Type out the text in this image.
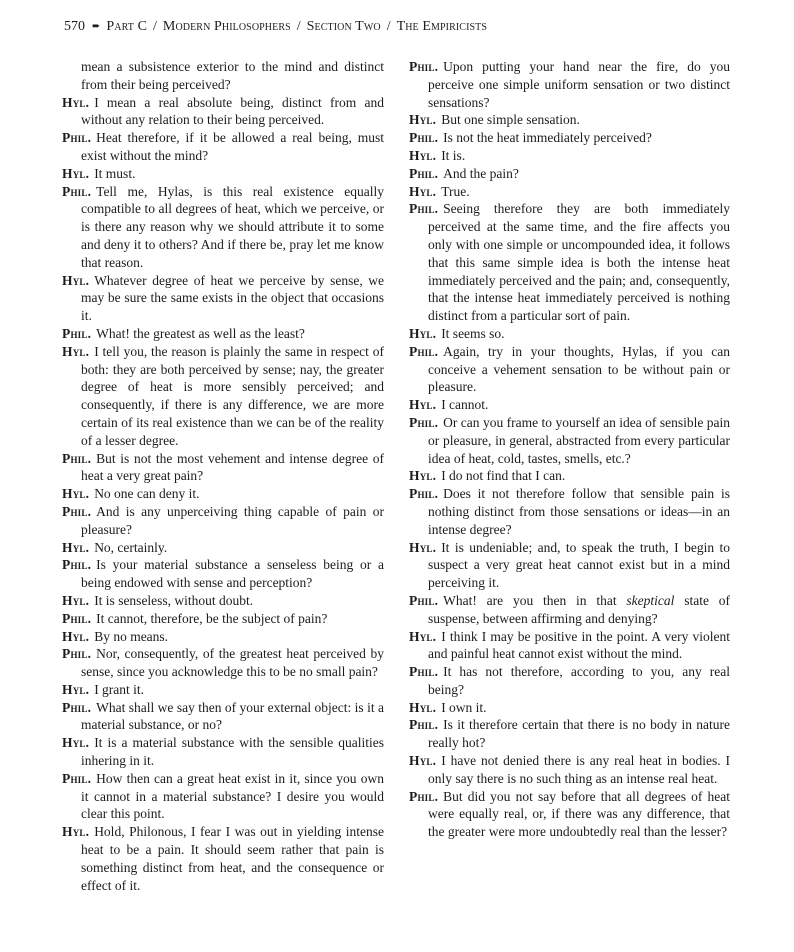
570 ➨ Part C / Modern Philosophers / Section Two / The Empiricists

mean a subsistence exterior to the mind and distinct from their being perceived?

Hyl . I mean a real absolute being, distinct from and without any relation to their being perceived.

Phil . Heat therefore, if it be allowed a real being, must exist without the mind?

Hyl . It must.

Phil . Tell me, Hylas, is this real existence equally compatible to all degrees of heat, which we perceive, or is there any reason why we should attribute it to some and deny it to others? And if there be, pray let me know that reason.

Hyl . Whatever degree of heat we perceive by sense, we may be sure the same exists in the object that occasions it.

Phil . What! the greatest as well as the least?

Hyl . I tell you, the reason is plainly the same in respect of both: they are both perceived by sense; nay, the greater degree of heat is more sensibly perceived; and consequently, if there is any difference, we are more certain of its real existence than we can be of the reality of a lesser degree.

Phil . But is not the most vehement and intense degree of heat a very great pain?

Hyl . No one can deny it.

Phil . And is any unperceiving thing capable of pain or pleasure?

Hyl . No, certainly.

Phil . Is your material substance a senseless being or a being endowed with sense and perception?

Hyl . It is senseless, without doubt.

Phil . It cannot, therefore, be the subject of pain?

Hyl . By no means.

Phil . Nor, consequently, of the greatest heat perceived by sense, since you acknowledge this to be no small pain?

Hyl . I grant it.

Phil . What shall we say then of your external object: is it a material substance, or no?

Hyl . It is a material substance with the sensible qualities inhering in it.

Phil . How then can a great heat exist in it, since you own it cannot in a material substance? I desire you would clear this point.

Hyl . Hold, Philonous, I fear I was out in yielding intense heat to be a pain. It should seem rather that pain is something distinct from heat, and the consequence or effect of it.

Phil . Upon putting your hand near the fire, do you perceive one simple uniform sensation or two distinct sensations?

Hyl . But one simple sensation.

Phil . Is not the heat immediately perceived?

Hyl . It is.

Phil . And the pain?

Hyl . True.

Phil . Seeing therefore they are both immediately perceived at the same time, and the fire affects you only with one simple or uncompounded idea, it follows that this same simple idea is both the intense heat immediately perceived and the pain; and, consequently, that the intense heat immediately perceived is nothing distinct from a particular sort of pain.

Hyl . It seems so.

Phil . Again, try in your thoughts, Hylas, if you can conceive a vehement sensation to be without pain or pleasure.

Hyl . I cannot.

Phil . Or can you frame to yourself an idea of sensible pain or pleasure, in general, abstracted from every particular idea of heat, cold, tastes, smells, etc.?

Hyl . I do not find that I can.

Phil . Does it not therefore follow that sensible pain is nothing distinct from those sensations or ideas—in an intense degree?

Hyl . It is undeniable; and, to speak the truth, I begin to suspect a very great heat cannot exist but in a mind perceiving it.

Phil . What! are you then in that skeptical state of suspense, between affirming and denying?

Hyl . I think I may be positive in the point. A very violent and painful heat cannot exist without the mind.

Phil . It has not therefore, according to you, any real being?

Hyl . I own it.

Phil . Is it therefore certain that there is no body in nature really hot?

Hyl . I have not denied there is any real heat in bodies. I only say there is no such thing as an intense real heat.

Phil . But did you not say before that all degrees of heat were equally real, or, if there was any difference, that the greater were more undoubtedly real than the lesser?
